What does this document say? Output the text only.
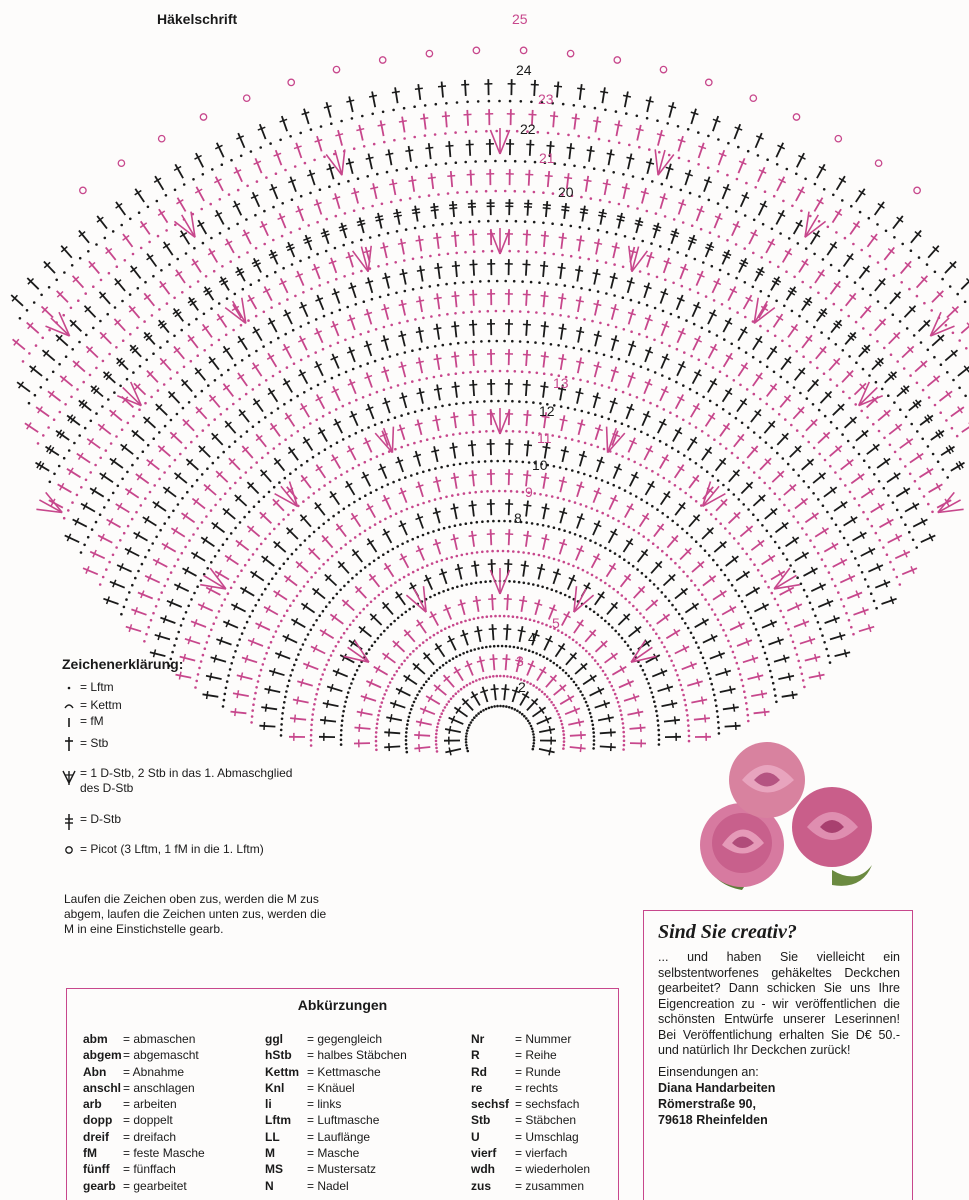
Häkelschrift
2
3
4
5
8
9
10
11
12
13
20
21
22
23
24
25
Zeichenerklärung:
= Lftm
= Kettm
= fM
= Stb
= 1 D-Stb, 2 Stb in das 1. Abmaschglied
des D-Stb
= D-Stb
= Picot (3 Lftm, 1 fM in die 1. Lftm)
Laufen die Zeichen oben zus, werden die M zus abgem, laufen die Zeichen unten zus, werden die M in eine Einstichstelle gearb.	Sind Sie creativ?
... und haben Sie vielleicht ein selbstentworfenes gehäkeltes Deckchen gearbeitet? Dann schicken Sie uns Ihre Eigencreation zu - wir veröffentlichen die schönsten Entwürfe unserer Leserinnen! Bei Veröffentlichung erhalten Sie D€ 50.- und natürlich Ihr Deckchen zurück!
Einsendungen an:
Diana Handarbeiten
Römerstraße 90,
79618 Rheinfelden
Abkürzungen
abm = abmaschen
abgem= abgemascht
Abn = Abnahme
anschl = anschlagen
arb = arbeiten
dopp = doppelt
dreif = dreifach
fM = feste Masche
fünff = fünffach
gearb = gearbeitet
ggl = gegengleich
hStb = halbes Stäbchen
Kettm = Kettmasche
Knl = Knäuel
li	= links
Lftm = Luftmasche
LL = Lauflänge
M	= Masche
MS = Mustersatz
N	= Nadel
Nr	= Nummer
R	= Reihe
Rd = Runde
re	= rechts
sechsf = sechsfach
Stb = Stäbchen
U	= Umschlag
vierf = vierfach
wdh = wiederholen
zus = zusammen
